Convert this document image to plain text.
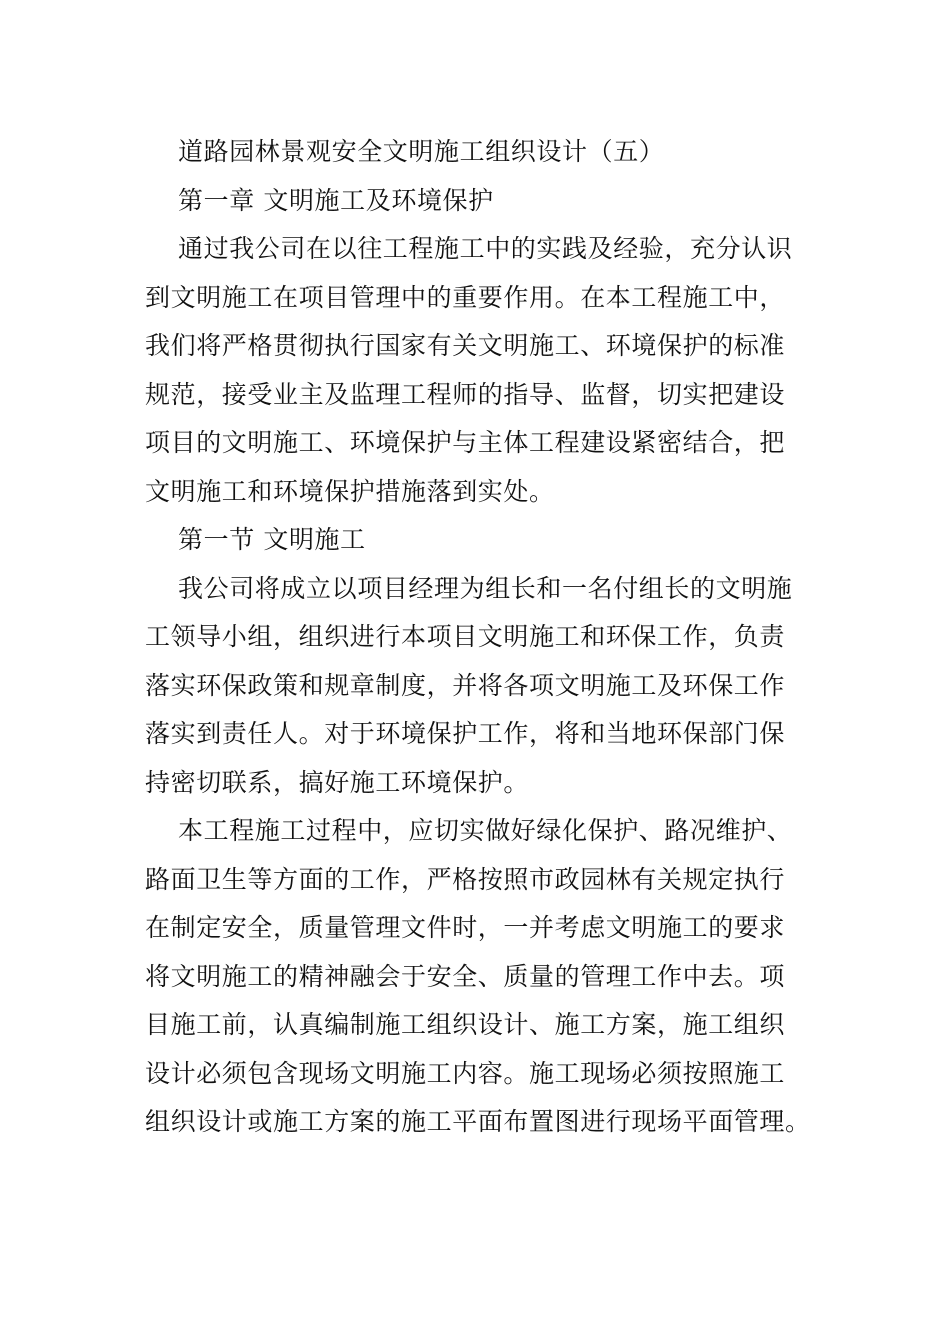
道路园林景观安全文明施工组织设计（五）
第一章 文明施工及环境保护
通过我公司在以往工程施工中的实践及经验，充分认识
到文明施工在项目管理中的重要作用。在本工程施工中，
我们将严格贯彻执行国家有关文明施工、环境保护的标准
规范，接受业主及监理工程师的指导、监督，切实把建设
项目的文明施工、环境保护与主体工程建设紧密结合，把
文明施工和环境保护措施落到实处。
第一节 文明施工
我公司将成立以项目经理为组长和一名付组长的文明施
工领导小组，组织进行本项目文明施工和环保工作，负责
落实环保政策和规章制度，并将各项文明施工及环保工作
落实到责任人。对于环境保护工作，将和当地环保部门保
持密切联系，搞好施工环境保护。
本工程施工过程中，应切实做好绿化保护、路况维护、
路面卫生等方面的工作，严格按照市政园林有关规定执行
在制定安全，质量管理文件时，一并考虑文明施工的要求
将文明施工的精神融会于安全、质量的管理工作中去。项
目施工前，认真编制施工组织设计、施工方案，施工组织
设计必须包含现场文明施工内容。施工现场必须按照施工
组织设计或施工方案的施工平面布置图进行现场平面管理。
